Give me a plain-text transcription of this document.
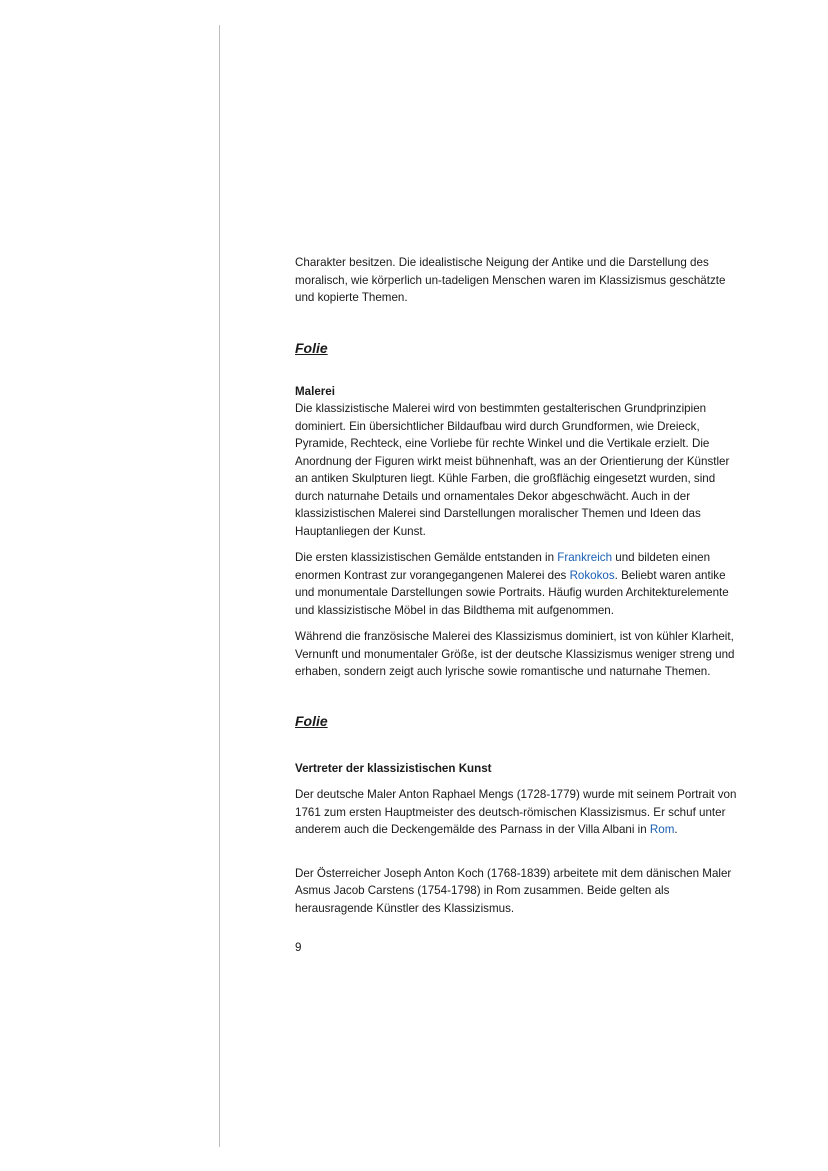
Charakter besitzen. Die idealistische Neigung der Antike und die Darstellung des moralisch, wie körperlich un-tadeligen Menschen waren im Klassizismus geschätzte und kopierte Themen.

Folie

Malerei

Die klassizistische Malerei wird von bestimmten gestalterischen Grundprinzipien dominiert. Ein übersichtlicher Bildaufbau wird durch Grundformen, wie Dreieck, Pyramide, Rechteck, eine Vorliebe für rechte Winkel und die Vertikale erzielt. Die Anordnung der Figuren wirkt meist bühnenhaft, was an der Orientierung der Künstler an antiken Skulpturen liegt. Kühle Farben, die großflächig eingesetzt wurden, sind durch naturnahe Details und ornamentales Dekor abgeschwächt. Auch in der klassizistischen Malerei sind Darstellungen moralischer Themen und Ideen das Hauptanliegen der Kunst.

Die ersten klassizistischen Gemälde entstanden in Frankreich und bildeten einen enormen Kontrast zur vorangegangenen Malerei des Rokokos. Beliebt waren antike und monumentale Darstellungen sowie Portraits. Häufig wurden Architekturelemente und klassizistische Möbel in das Bildthema mit aufgenommen.

Während die französische Malerei des Klassizismus dominiert, ist von kühler Klarheit, Vernunft und monumentaler Größe, ist der deutsche Klassizismus weniger streng und erhaben, sondern zeigt auch lyrische sowie romantische und naturnahe Themen.

Folie

Vertreter der klassizistischen Kunst

Der deutsche Maler Anton Raphael Mengs (1728-1779) wurde mit seinem Portrait von 1761 zum ersten Hauptmeister des deutsch-römischen Klassizismus. Er schuf unter anderem auch die Deckengemälde des Parnass in der Villa Albani in Rom.

Der Österreicher Joseph Anton Koch (1768-1839) arbeitete mit dem dänischen Maler Asmus Jacob Carstens (1754-1798) in Rom zusammen. Beide gelten als herausragende Künstler des Klassizismus.

9
